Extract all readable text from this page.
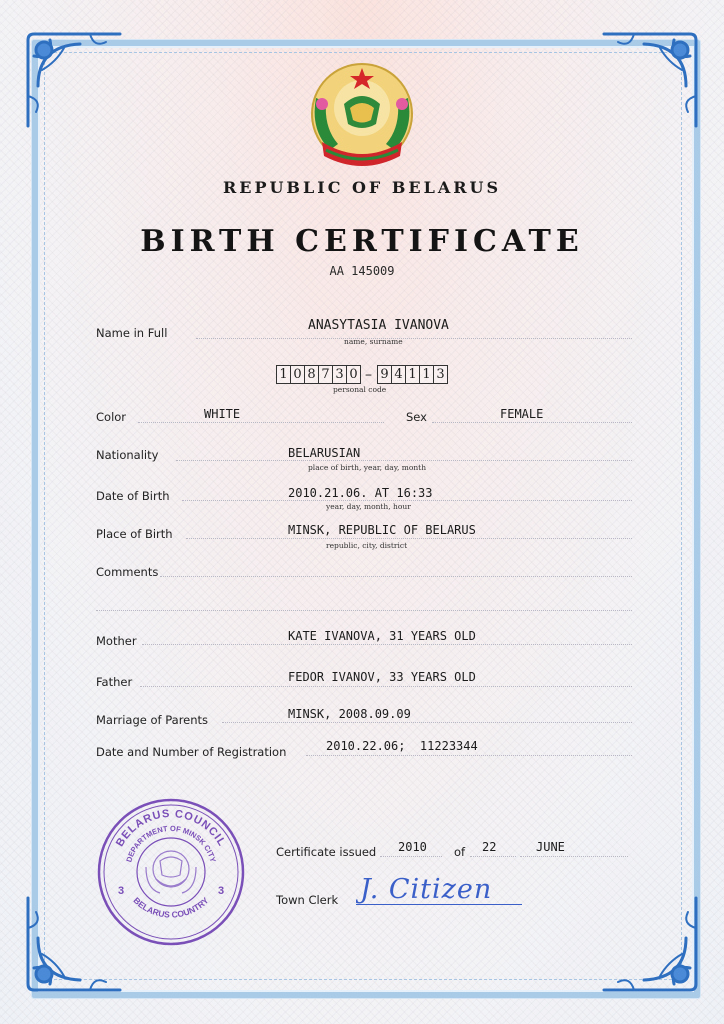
REPUBLIC OF BELARUS
BIRTH CERTIFICATE
AA 145009
Name in Full	ANASYTASIA IVANOVA
name, surname
1 0 8 7 3 0 – 9 4 1 1 3
personal code
Color	WHITE	Sex	FEMALE
Nationality	BELARUSIAN
place of birth, year, day, month
Date of Birth	2010.21.06. AT 16:33
year, day, month, hour
Place of Birth	MINSK, REPUBLIC OF BELARUS
republic, city, district
Comments
Mother	KATE IVANOVA, 31 YEARS OLD
Father	FEDOR IVANOV, 33 YEARS OLD
Marriage of Parents	MINSK, 2008.09.09
Date and Number of Registration	2010.22.06;  11223344
BELARUS COUNCIL
DEPARTMENT OF MINSK CITY
BELARUS COUNTRY
3	3
Certificate issued 2010 of 22	JUNE
Town Clerk J. Citizen
